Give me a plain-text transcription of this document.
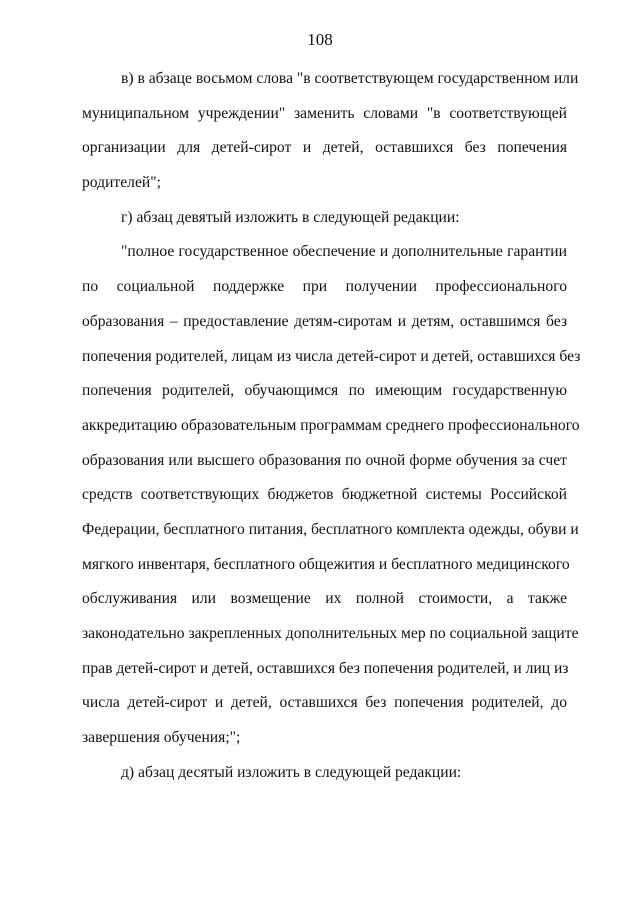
108
в) в абзаце восьмом слова "в соответствующем государственном или
муниципальном учреждении" заменить словами "в соответствующей
организации для детей-сирот и детей, оставшихся без попечения
родителей";
г) абзац девятый изложить в следующей редакции:
"полное государственное обеспечение и дополнительные гарантии
по социальной поддержке при получении профессионального
образования – предоставление детям-сиротам и детям, оставшимся без
попечения родителей, лицам из числа детей-сирот и детей, оставшихся без
попечения родителей, обучающимся по имеющим государственную
аккредитацию образовательным программам среднего профессионального
образования или высшего образования по очной форме обучения за счет
средств соответствующих бюджетов бюджетной системы Российской
Федерации, бесплатного питания, бесплатного комплекта одежды, обуви и
мягкого инвентаря, бесплатного общежития и бесплатного медицинского
обслуживания или возмещение их полной стоимости, а также
законодательно закрепленных дополнительных мер по социальной защите
прав детей-сирот и детей, оставшихся без попечения родителей, и лиц из
числа детей-сирот и детей, оставшихся без попечения родителей, до
завершения обучения;";
д) абзац десятый изложить в следующей редакции:
